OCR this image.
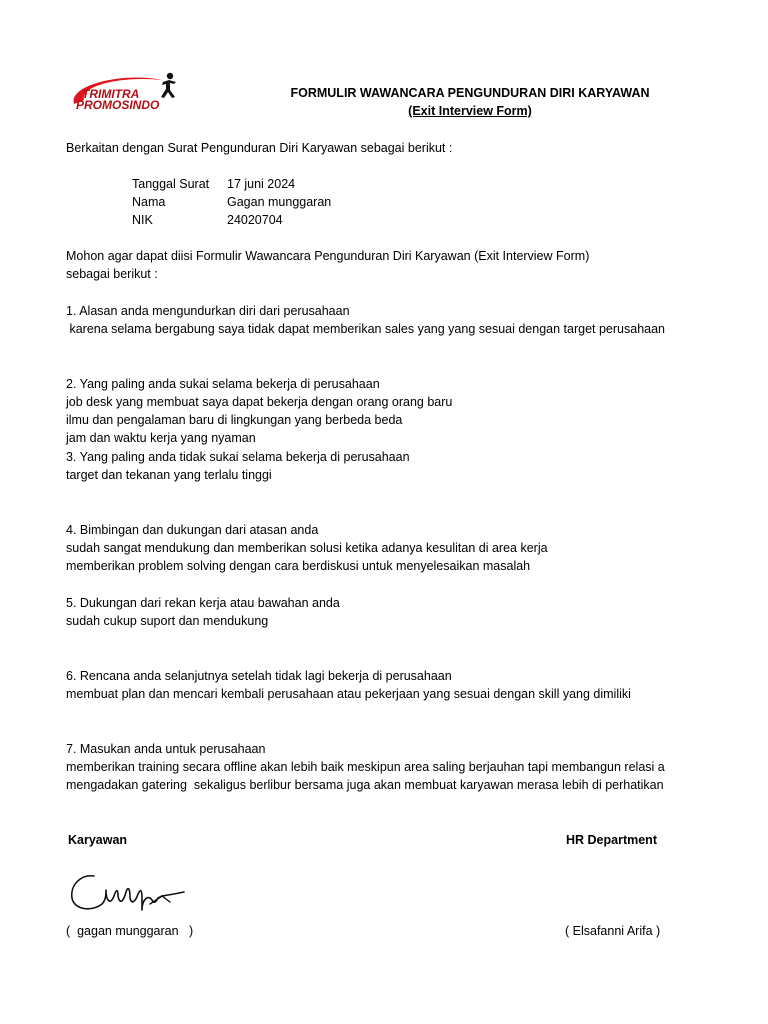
TRIMITRA
PROMOSINDO
FORMULIR WAWANCARA PENGUNDURAN DIRI KARYAWAN
(Exit Interview Form)
Berkaitan dengan Surat Pengunduran Diri Karyawan sebagai berikut :
Tanggal Surat 17 juni 2024
Nama	Gagan munggaran
NIK	24020704
Mohon agar dapat diisi Formulir Wawancara Pengunduran Diri Karyawan (Exit Interview Form)
sebagai berikut :
1. Alasan anda mengundurkan diri dari perusahaan
karena selama bergabung saya tidak dapat memberikan sales yang yang sesuai dengan target perusahaan
2. Yang paling anda sukai selama bekerja di perusahaan
job desk yang membuat saya dapat bekerja dengan orang orang baru
ilmu dan pengalaman baru di lingkungan yang berbeda beda
jam dan waktu kerja yang nyaman
3. Yang paling anda tidak sukai selama bekerja di perusahaan
target dan tekanan yang terlalu tinggi
4. Bimbingan dan dukungan dari atasan anda
sudah sangat mendukung dan memberikan solusi ketika adanya kesulitan di area kerja
memberikan problem solving dengan cara berdiskusi untuk menyelesaikan masalah
5. Dukungan dari rekan kerja atau bawahan anda
sudah cukup suport dan mendukung
6. Rencana anda selanjutnya setelah tidak lagi bekerja di perusahaan
membuat plan dan mencari kembali perusahaan atau pekerjaan yang sesuai dengan skill yang dimiliki
7. Masukan anda untuk perusahaan
memberikan training secara offline akan lebih baik meskipun area saling berjauhan tapi membangun relasi a
mengadakan gatering  sekaligus berlibur bersama juga akan membuat karyawan merasa lebih di perhatikan
Karyawan	HR Department
(  gagan munggaran   )	( Elsafanni Arifa )
